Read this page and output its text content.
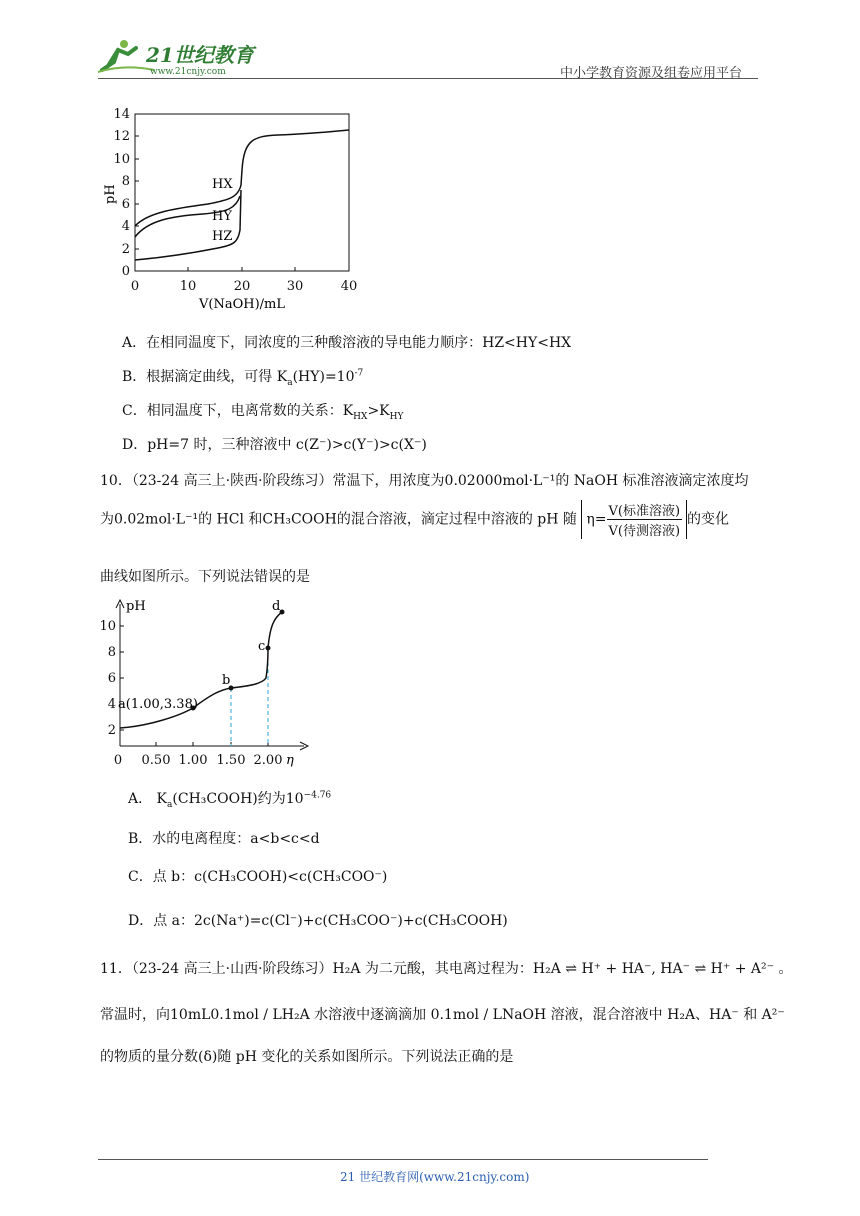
21世纪教育
www.21cnjy.com	中小学教育资源及组卷应用平台
0
2
4
6
8
10
12
14
0	10	20	30	40
pH
V(NaOH)/mL
HX
HY
HZ
A．在相同温度下，同浓度的三种酸溶液的导电能力顺序：HZ<HY<HX
B．根据滴定曲线，可得 $K_a(HY)=10^{-7}$
C．相同温度下，电离常数的关系：$K_{HX}>K_{HY}$
D．pH=7 时，三种溶液中 c(Z⁻)>c(Y⁻)>c(X⁻)
10．（23-24 高三上·陕西·阶段练习）常温下，用浓度为0.02000mol·L⁻¹的 NaOH 标准溶液滴定浓度均
为0.02mol·L⁻¹的 HCl 和CH₃COOH的混合溶液，滴定过程中溶液的 pH 随 $\eta= \frac{\text{V(标准溶液)}}{\text{V(待测溶液)}}$ 的变化
曲线如图所示。下列说法错误的是
pH
η
2
4
6
8
10
0 0.50 1.00 1.50 2.00
a(1.00,3.38)
b
c
d
A． $K_a(CH_3COOH)$约为$10^{-4.76}$
B．水的电离程度：a<b<c<d
C．点 b：c(CH₃COOH)<c(CH₃COO⁻)
D．点 a：2c(Na⁺)=c(Cl⁻)+c(CH₃COO⁻)+c(CH₃COOH)
11．（23-24 高三上·山西·阶段练习）H₂A 为二元酸，其电离过程为：H₂A ⇌ H⁺ + HA⁻, HA⁻ ⇌ H⁺ + A²⁻ 。
常温时，向10mL0.1mol / LH₂A 水溶液中逐滴滴加 0.1mol / LNaOH 溶液，混合溶液中 H₂A、HA⁻ 和 A²⁻
的物质的量分数(δ)随 pH 变化的关系如图所示。下列说法正确的是
21 世纪教育网(www.21cnjy.com)
